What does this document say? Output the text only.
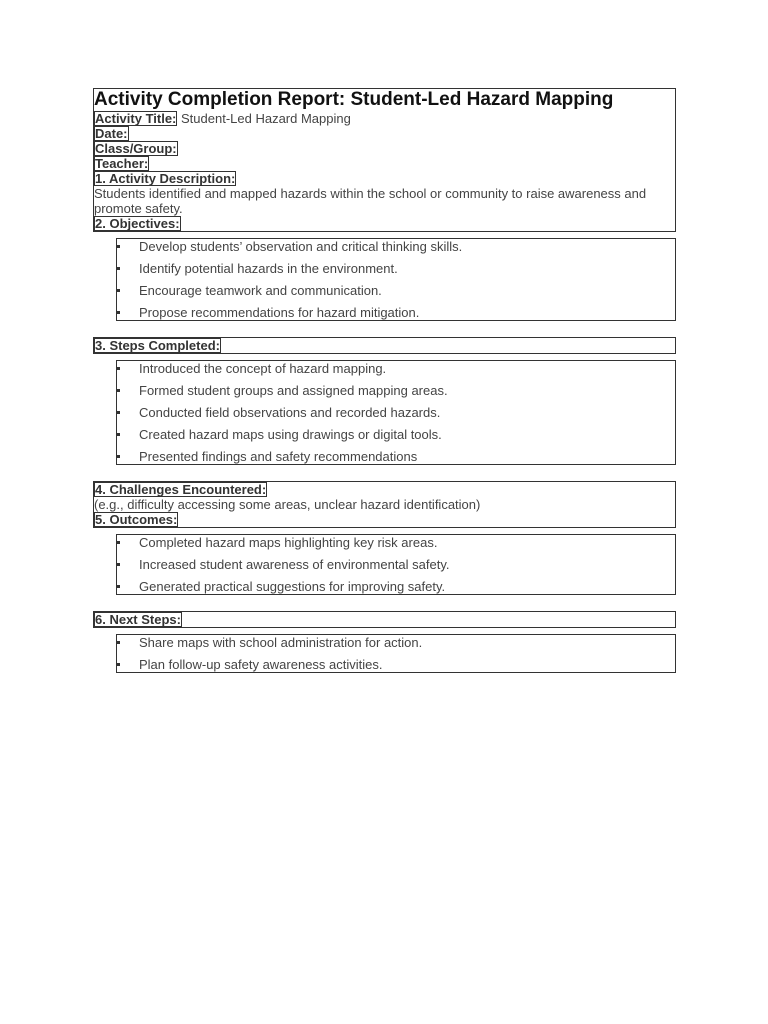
Activity Completion Report: Student-Led Hazard Mapping
Activity Title: Student-Led Hazard Mapping
Date:
Class/Group:
Teacher:
1. Activity Description:
Students identified and mapped hazards within the school or community to raise awareness and promote safety.
2. Objectives:
Develop students’ observation and critical thinking skills.
Identify potential hazards in the environment.
Encourage teamwork and communication.
Propose recommendations for hazard mitigation.
3. Steps Completed:
Introduced the concept of hazard mapping.
Formed student groups and assigned mapping areas.
Conducted field observations and recorded hazards.
Created hazard maps using drawings or digital tools.
Presented findings and safety recommendations
4. Challenges Encountered:
(e.g., difficulty accessing some areas, unclear hazard identification)
5. Outcomes:
Completed hazard maps highlighting key risk areas.
Increased student awareness of environmental safety.
Generated practical suggestions for improving safety.
6. Next Steps:
Share maps with school administration for action.
Plan follow-up safety awareness activities.
